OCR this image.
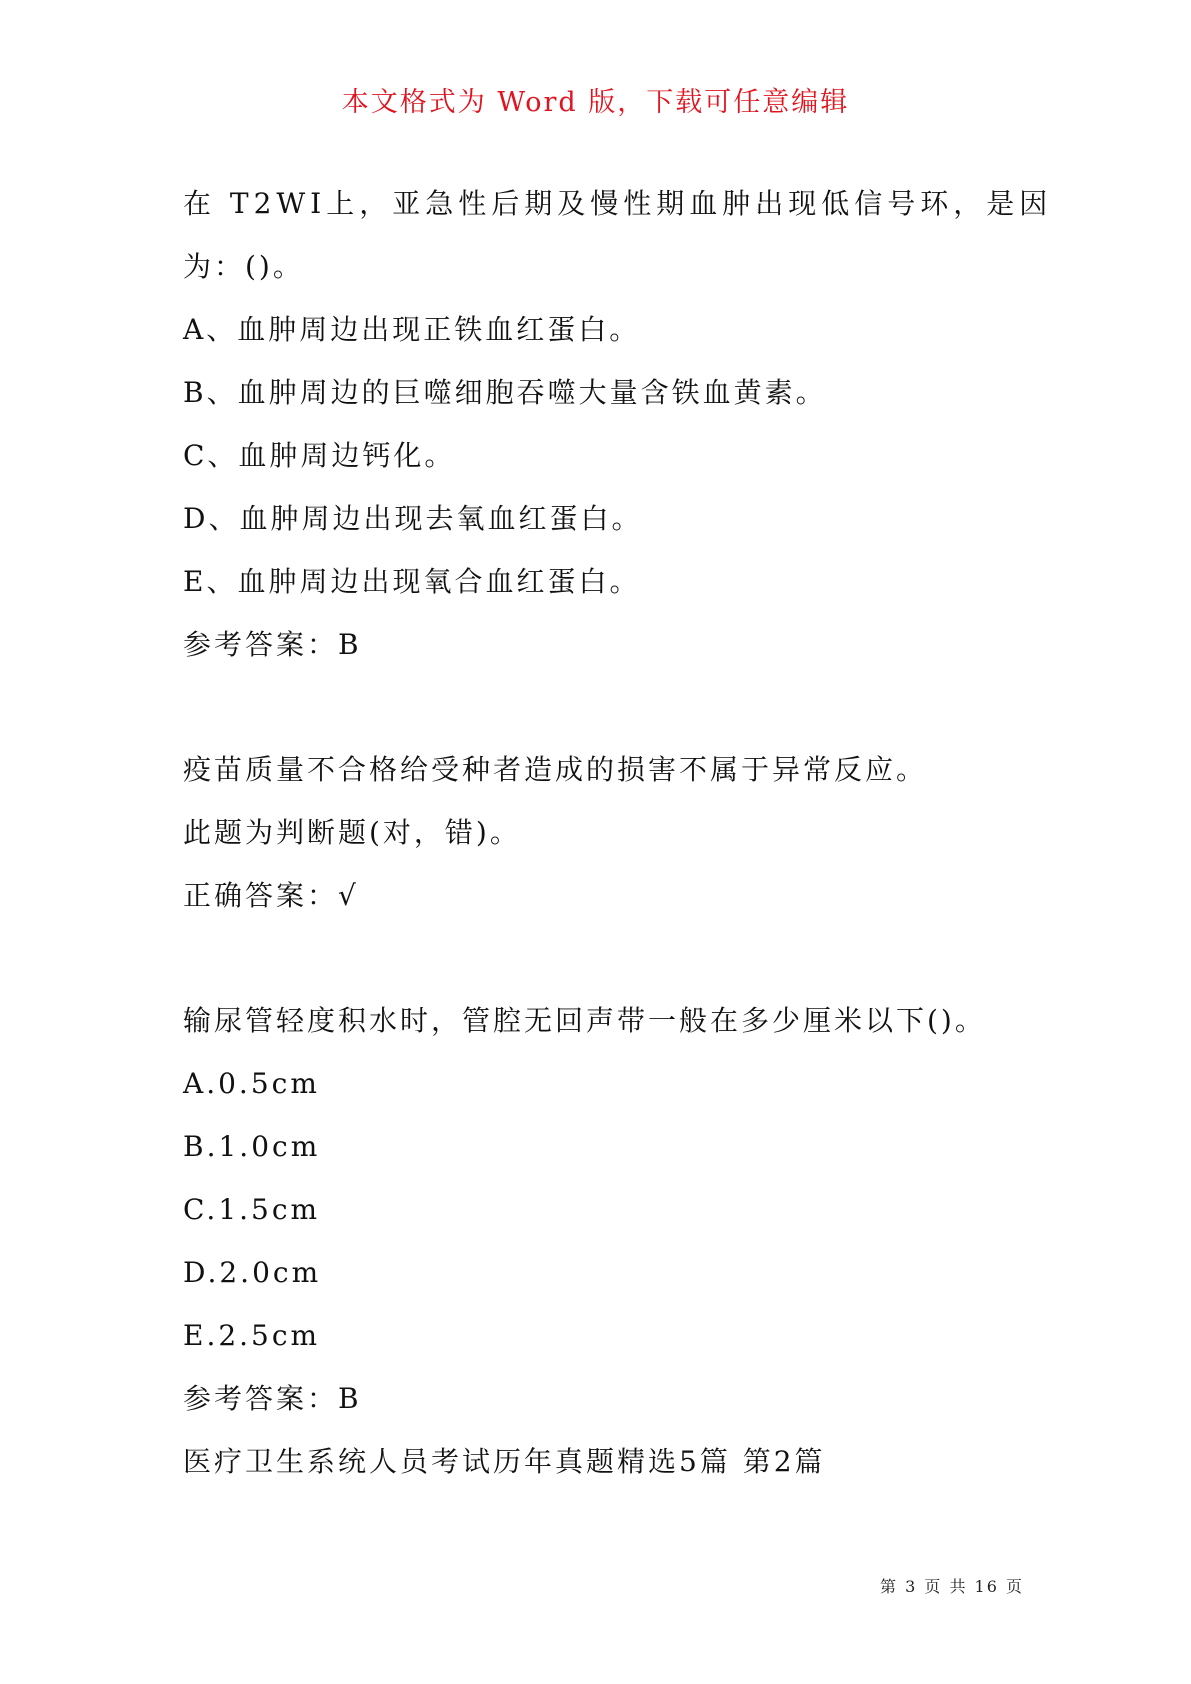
本文格式为 Word 版，下载可任意编辑
在 T2WI上，亚急性后期及慢性期血肿出现低信号环，是因
为：()。
A、血肿周边出现正铁血红蛋白。
B、血肿周边的巨噬细胞吞噬大量含铁血黄素。
C、血肿周边钙化。
D、血肿周边出现去氧血红蛋白。
E、血肿周边出现氧合血红蛋白。
参考答案：B
疫苗质量不合格给受种者造成的损害不属于异常反应。
此题为判断题(对，错)。
正确答案：√
输尿管轻度积水时，管腔无回声带一般在多少厘米以下()。
A.0.5cm
B.1.0cm
C.1.5cm
D.2.0cm
E.2.5cm
参考答案：B
医疗卫生系统人员考试历年真题精选5篇 第2篇
第 3 页 共 16 页
